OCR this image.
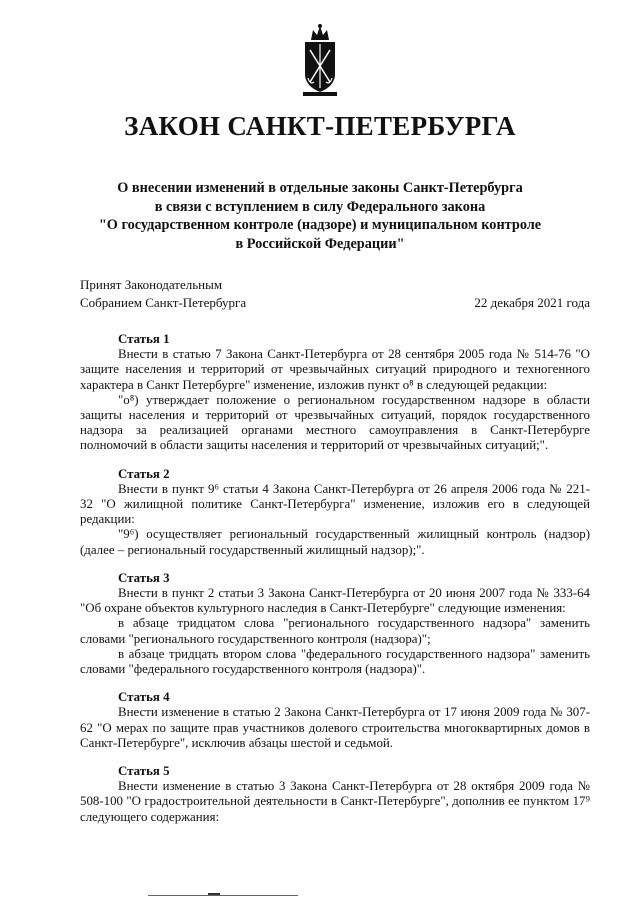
ЗАКОН САНКТ-ПЕТЕРБУРГА
О внесении изменений в отдельные законы Санкт-Петербурга
в связи с вступлением в силу Федерального закона
"О государственном контроле (надзоре) и муниципальном контроле
в Российской Федерации"
Принят Законодательным
Собранием Санкт-Петербурга	22 декабря 2021 года
Статья 1

Внести в статью 7 Закона Санкт-Петербурга от 28 сентября 2005 года № 514-76 "О защите населения и территорий от чрезвычайных ситуаций природного и техногенного характера в Санкт Петербурге" изменение, изложив пункт о⁸ в следующей редакции:

"о⁸) утверждает положение о региональном государственном надзоре в области защиты населения и территорий от чрезвычайных ситуаций, порядок государственного надзора за реализацией органами местного самоуправления в Санкт-Петербурге полномочий в области защиты населения и территорий от чрезвычайных ситуаций;".

Статья 2

Внести в пункт 9⁶ статьи 4 Закона Санкт-Петербурга от 26 апреля 2006 года № 221-32 "О жилищной политике Санкт-Петербурга" изменение, изложив его в следующей редакции:

"9⁶) осуществляет региональный государственный жилищный контроль (надзор) (далее – региональный государственный жилищный надзор);".

Статья 3

Внести в пункт 2 статьи 3 Закона Санкт-Петербурга от 20 июня 2007 года № 333-64 "Об охране объектов культурного наследия в Санкт-Петербурге" следующие изменения:

в абзаце тридцатом слова "регионального государственного надзора" заменить словами "регионального государственного контроля (надзора)";

в абзаце тридцать втором слова "федерального государственного надзора" заменить словами "федерального государственного контроля (надзора)".

Статья 4

Внести изменение в статью 2 Закона Санкт-Петербурга от 17 июня 2009 года № 307-62 "О мерах по защите прав участников долевого строительства многоквартирных домов в Санкт-Петербурге", исключив абзацы шестой и седьмой.

Статья 5

Внести изменение в статью 3 Закона Санкт-Петербурга от 28 октября 2009 года № 508-100 "О градостроительной деятельности в Санкт-Петербурге", дополнив ее пунктом 17⁹ следующего содержания:
